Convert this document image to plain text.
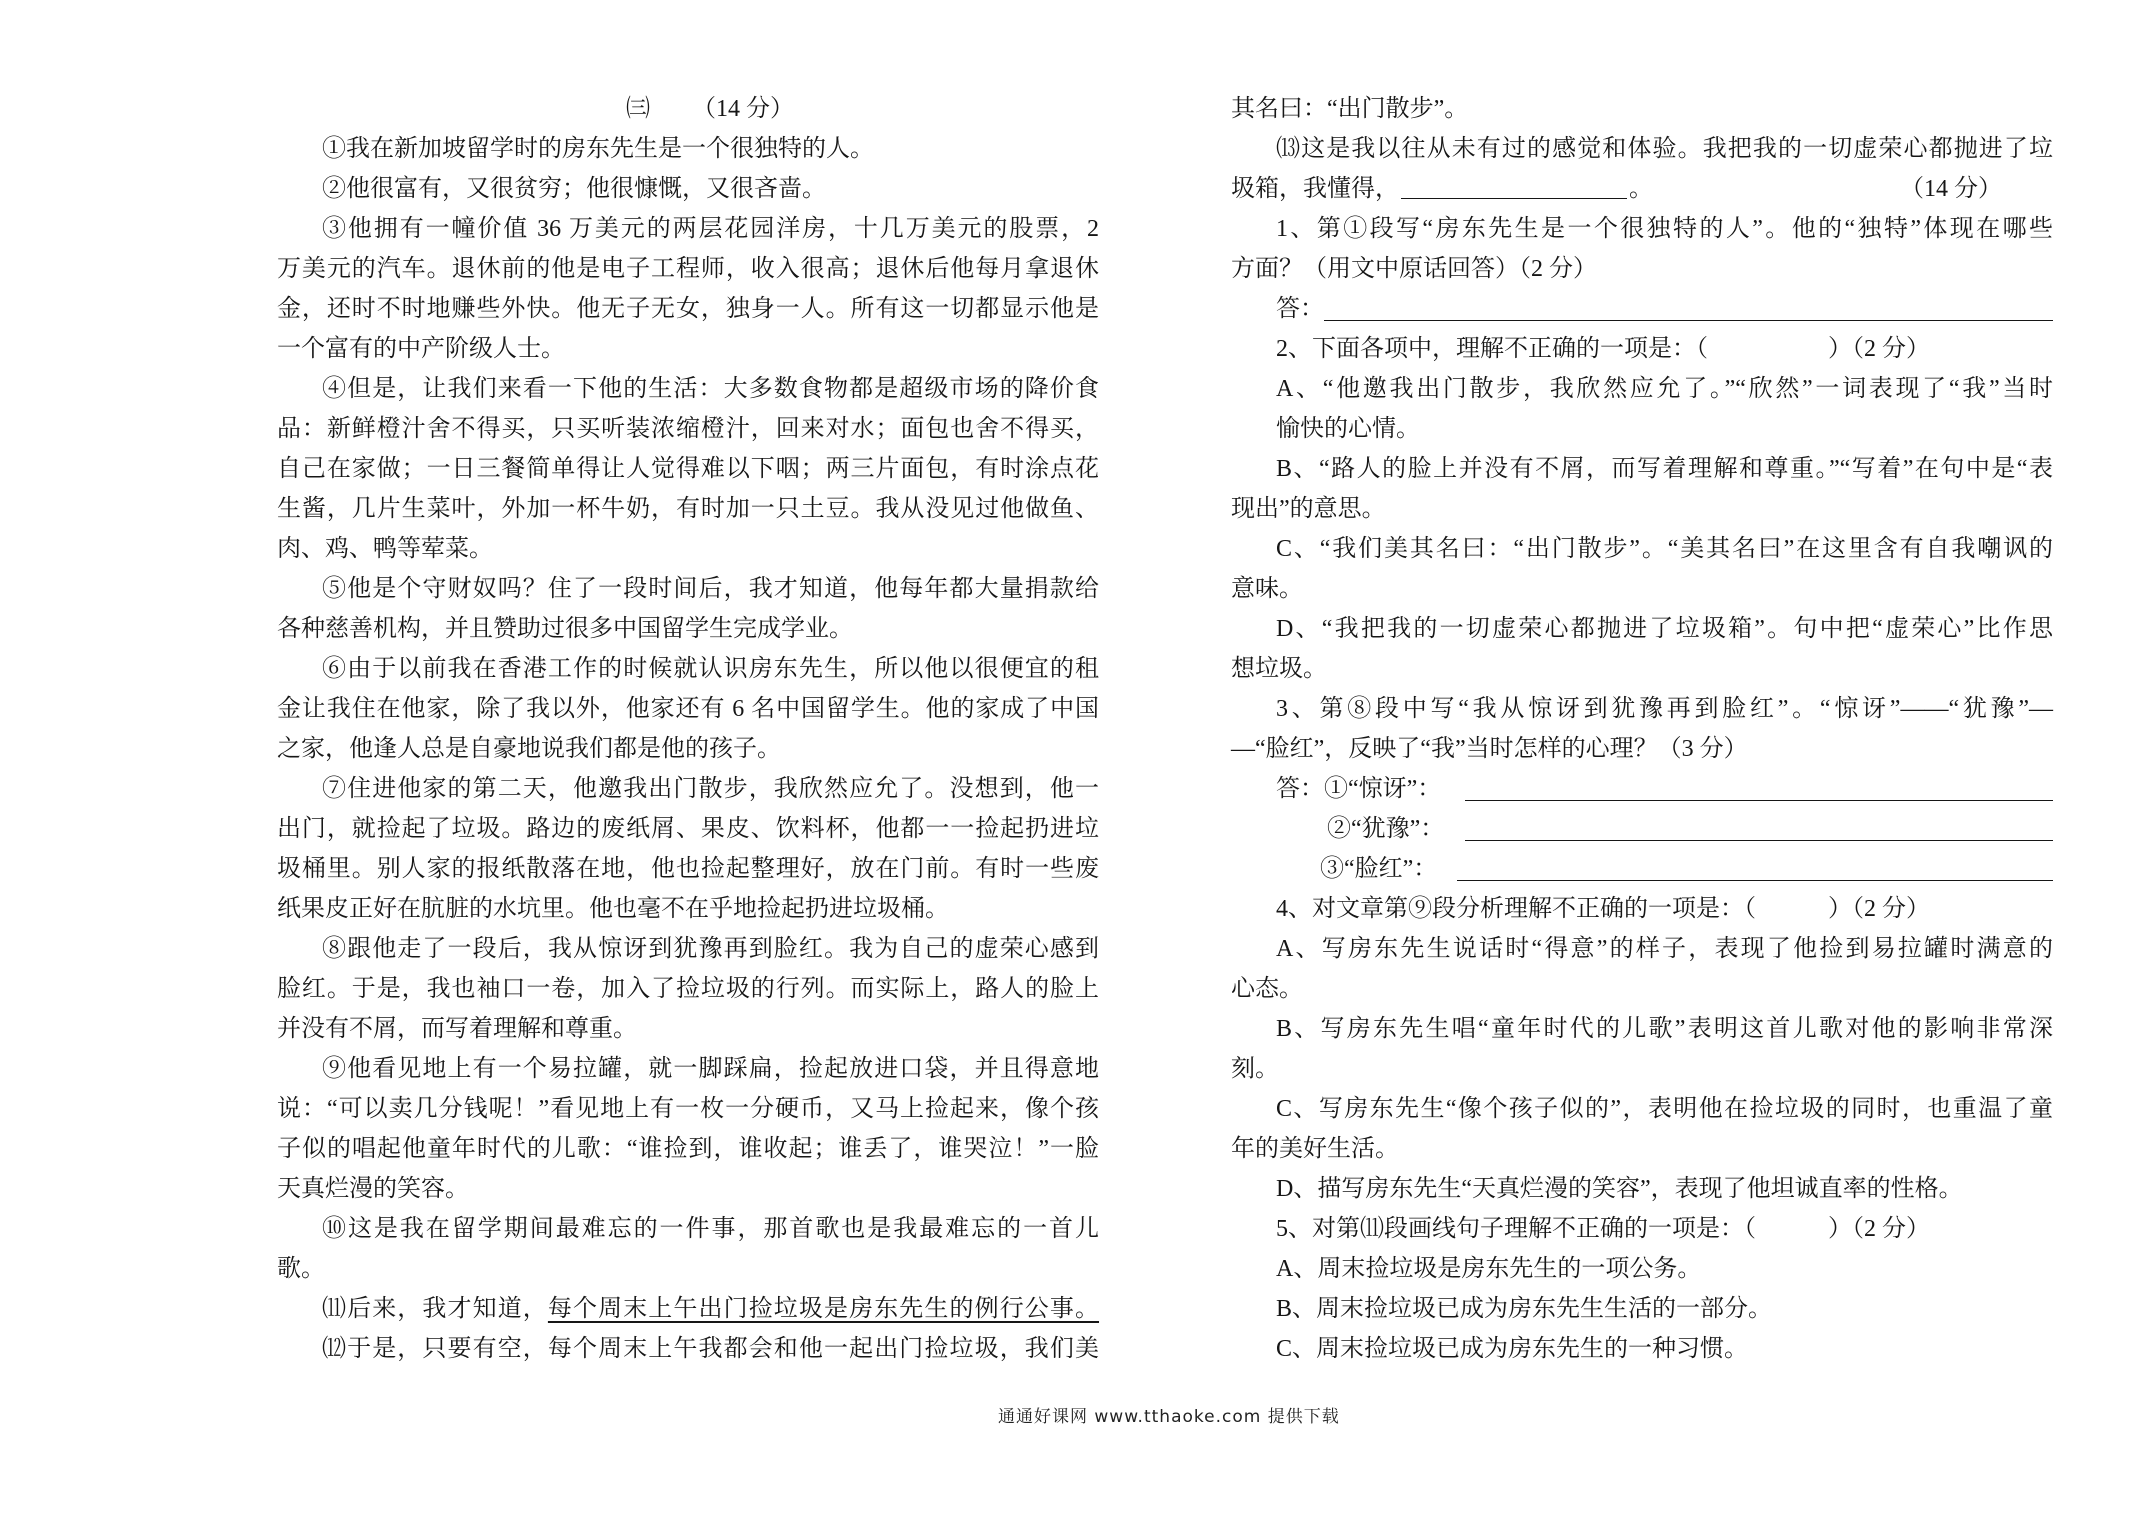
㈢ （14 分）
①我在新加坡留学时的房东先生是一个很独特的人。
②他很富有，又很贫穷；他很慷慨，又很吝啬。
③他拥有一幢价值 36 万美元的两层花园洋房，十几万美元的股票，2
万美元的汽车。退休前的他是电子工程师，收入很高；退休后他每月拿退休
金，还时不时地赚些外快。他无子无女，独身一人。所有这一切都显示他是
一个富有的中产阶级人士。
④但是，让我们来看一下他的生活：大多数食物都是超级市场的降价食
品：新鲜橙汁舍不得买，只买听装浓缩橙汁，回来对水；面包也舍不得买，
自己在家做；一日三餐简单得让人觉得难以下咽；两三片面包，有时涂点花
生酱，几片生菜叶，外加一杯牛奶，有时加一只土豆。我从没见过他做鱼、
肉、鸡、鸭等荤菜。
⑤他是个守财奴吗？住了一段时间后，我才知道，他每年都大量捐款给
各种慈善机构，并且赞助过很多中国留学生完成学业。
⑥由于以前我在香港工作的时候就认识房东先生，所以他以很便宜的租
金让我住在他家，除了我以外，他家还有 6 名中国留学生。他的家成了中国
之家，他逢人总是自豪地说我们都是他的孩子。
⑦住进他家的第二天，他邀我出门散步，我欣然应允了。没想到，他一
出门，就捡起了垃圾。路边的废纸屑、果皮、饮料杯，他都一一捡起扔进垃
圾桶里。别人家的报纸散落在地，他也捡起整理好，放在门前。有时一些废
纸果皮正好在肮脏的水坑里。他也毫不在乎地捡起扔进垃圾桶。
⑧跟他走了一段后，我从惊讶到犹豫再到脸红。我为自己的虚荣心感到
脸红。于是，我也袖口一卷，加入了捡垃圾的行列。而实际上，路人的脸上
并没有不屑，而写着理解和尊重。
⑨他看见地上有一个易拉罐，就一脚踩扁，捡起放进口袋，并且得意地
说：“可以卖几分钱呢！”看见地上有一枚一分硬币，又马上捡起来，像个孩
子似的唱起他童年时代的儿歌：“谁捡到，谁收起；谁丢了，谁哭泣！”一脸
天真烂漫的笑容。
⑩这是我在留学期间最难忘的一件事，那首歌也是我最难忘的一首儿
歌。
⑾后来，我才知道，每个周末上午出门捡垃圾是房东先生的例行公事。
⑿于是，只要有空，每个周末上午我都会和他一起出门捡垃圾，我们美
其名曰：“出门散步”。
⒀这是我以往从未有过的感觉和体验。我把我的一切虚荣心都抛进了垃
圾箱，我懂得，	。	（14 分）
1、第①段写“房东先生是一个很独特的人”。他的“独特”体现在哪些
方面？（用文中原话回答）（2 分）
答：
2、下面各项中，理解不正确的一项是：（　　　　　）（2 分）
A、“他邀我出门散步，我欣然应允了。”“欣然”一词表现了“我”当时
愉快的心情。
B、“路人的脸上并没有不屑，而写着理解和尊重。”“写着”在句中是“表
现出”的意思。
C、“我们美其名曰：“出门散步”。“美其名曰”在这里含有自我嘲讽的
意味。
D、“我把我的一切虚荣心都抛进了垃圾箱”。句中把“虚荣心”比作思
想垃圾。
3、第⑧段中写“我从惊讶到犹豫再到脸红”。“惊讶”——“犹豫”—
—“脸红”，反映了“我”当时怎样的心理？（3 分）
答：①“惊讶”：
②“犹豫”：
③“脸红”：
4、对文章第⑨段分析理解不正确的一项是：（　　　）（2 分）
A、写房东先生说话时“得意”的样子，表现了他捡到易拉罐时满意的
心态。
B、写房东先生唱“童年时代的儿歌”表明这首儿歌对他的影响非常深
刻。
C、写房东先生“像个孩子似的”，表明他在捡垃圾的同时，也重温了童
年的美好生活。
D、描写房东先生“天真烂漫的笑容”，表现了他坦诚直率的性格。
5、对第⑾段画线句子理解不正确的一项是：（　　　）（2 分）
A、周末捡垃圾是房东先生的一项公务。
B、周末捡垃圾已成为房东先生生活的一部分。
C、周末捡垃圾已成为房东先生的一种习惯。
通通好课网 www.tthaoke.com 提供下载
